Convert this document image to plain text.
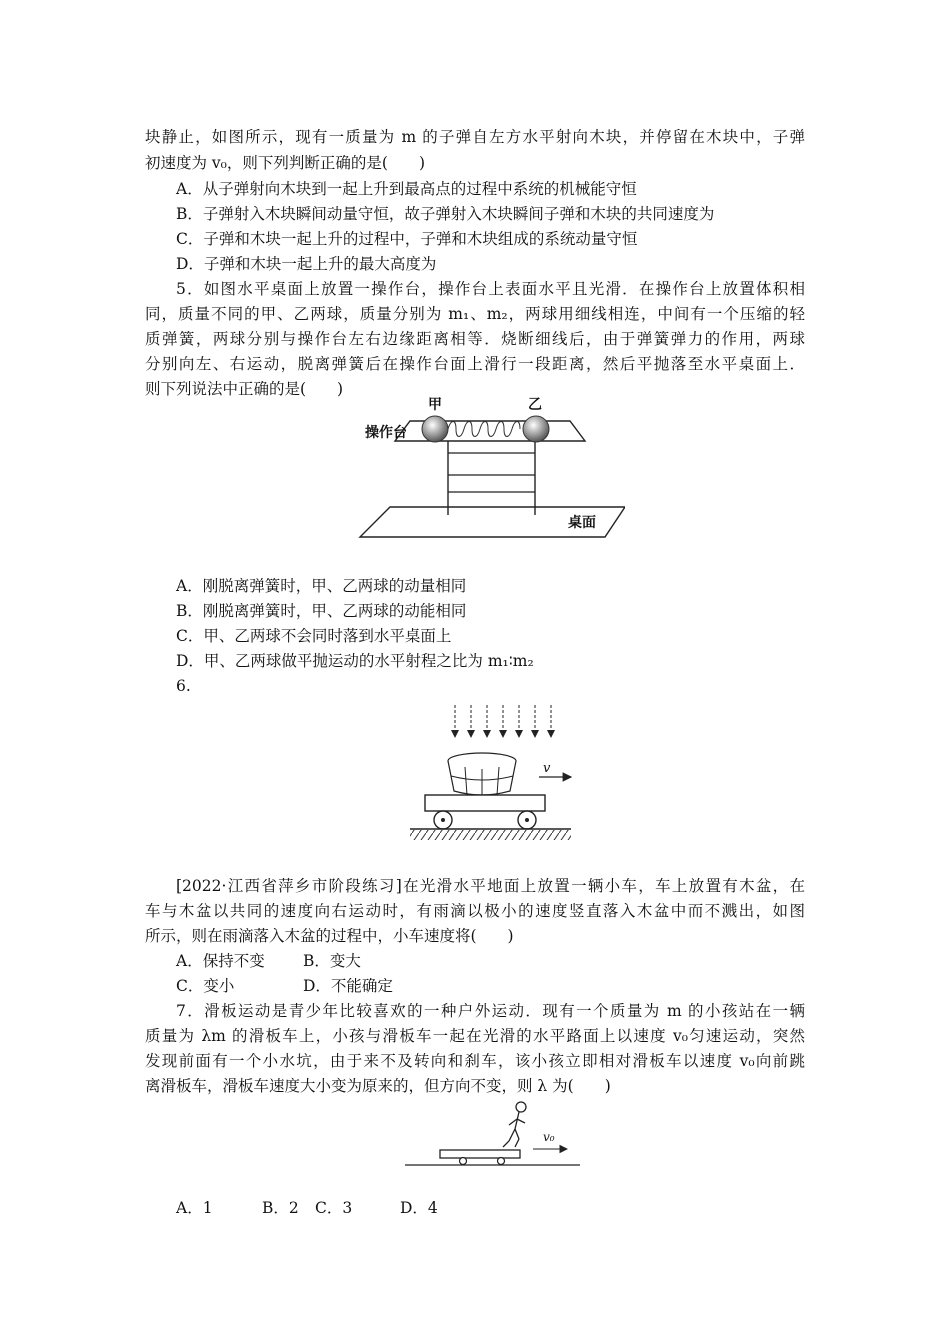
块静止，如图所示，现有一质量为 m 的子弹自左方水平射向木块，并停留在木块中，子弹
初速度为 v₀，则下列判断正确的是(　　)
A．从子弹射向木块到一起上升到最高点的过程中系统的机械能守恒
B．子弹射入木块瞬间动量守恒，故子弹射入木块瞬间子弹和木块的共同速度为
C．子弹和木块一起上升的过程中，子弹和木块组成的系统动量守恒
D．子弹和木块一起上升的最大高度为
5．如图水平桌面上放置一操作台，操作台上表面水平且光滑．在操作台上放置体积相
同，质量不同的甲、乙两球，质量分别为 m₁、m₂，两球用细线相连，中间有一个压缩的轻
质弹簧，两球分别与操作台左右边缘距离相等．烧断细线后，由于弹簧弹力的作用，两球
分别向左、右运动，脱离弹簧后在操作台面上滑行一段距离，然后平抛落至水平桌面上．
则下列说法中正确的是(　　)
甲	乙
操作台
桌面
A．刚脱离弹簧时，甲、乙两球的动量相同
B．刚脱离弹簧时，甲、乙两球的动能相同
C．甲、乙两球不会同时落到水平桌面上
D．甲、乙两球做平抛运动的水平射程之比为 m₁∶m₂
6.
v
[2022·江西省萍乡市阶段练习]在光滑水平地面上放置一辆小车，车上放置有木盆，在
车与木盆以共同的速度向右运动时，有雨滴以极小的速度竖直落入木盆中而不溅出，如图
所示，则在雨滴落入木盆的过程中，小车速度将(　　)
A．保持不变 B．变大
C．变小	D．不能确定
7．滑板运动是青少年比较喜欢的一种户外运动．现有一个质量为 m 的小孩站在一辆
质量为 λm 的滑板车上，小孩与滑板车一起在光滑的水平路面上以速度 v₀匀速运动，突然
发现前面有一个小水坑，由于来不及转向和刹车，该小孩立即相对滑板车以速度 v₀向前跳
离滑板车，滑板车速度大小变为原来的，但方向不变，则 λ 为(　　)
v₀
A．1	B．2 C．3	D．4
